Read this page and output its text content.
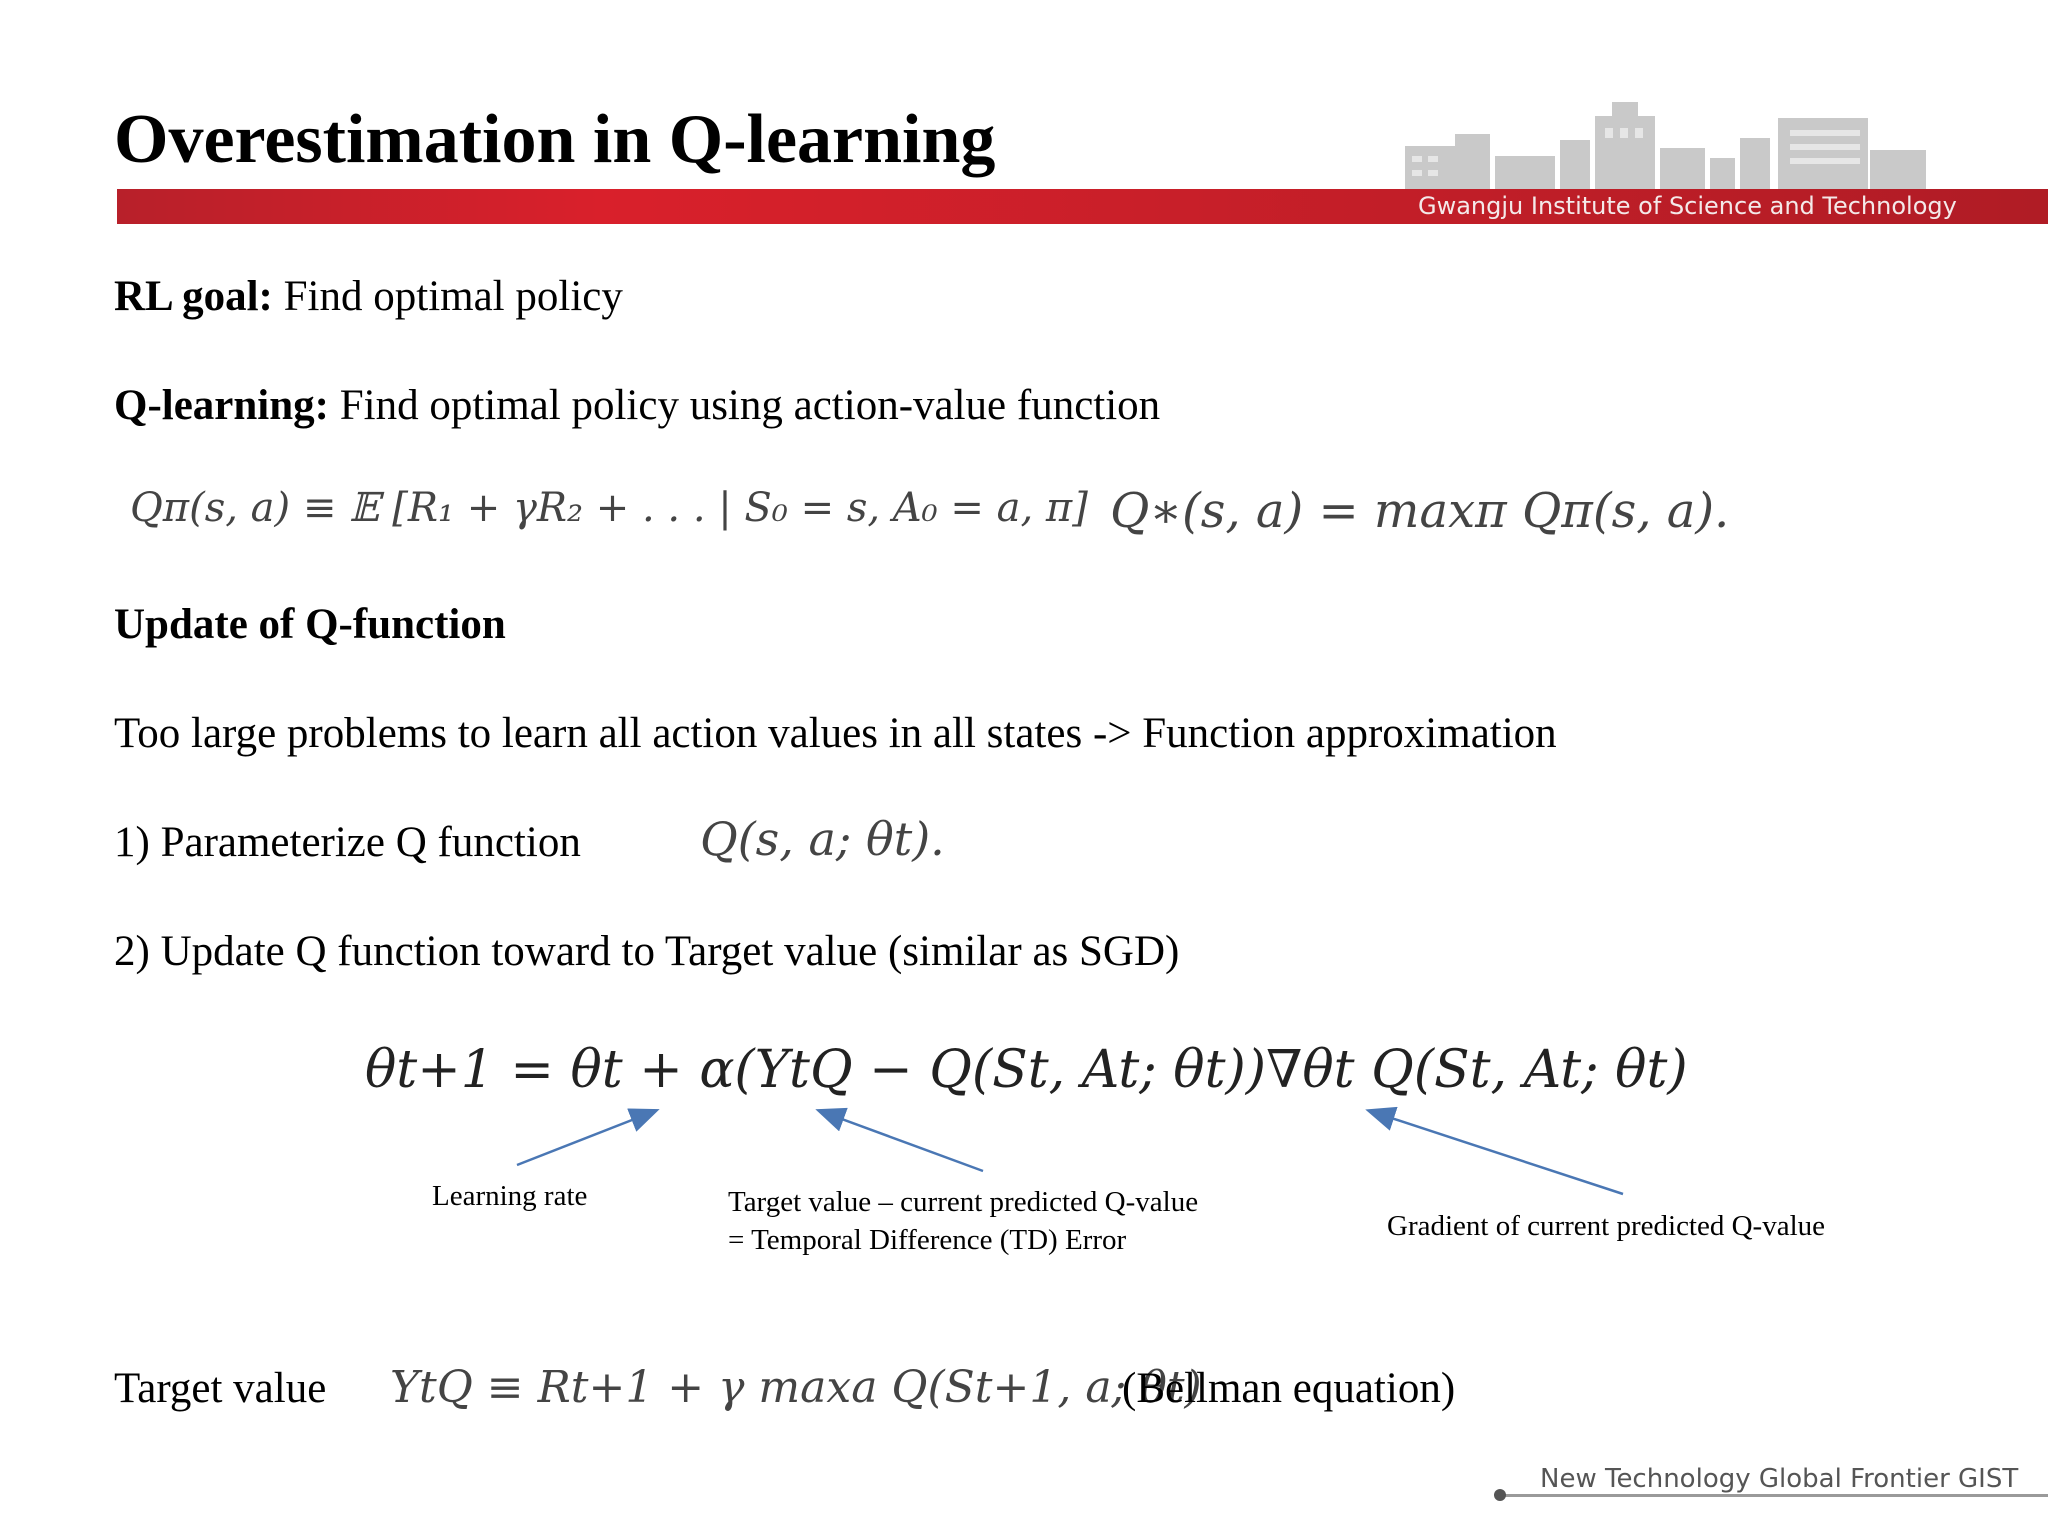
Overestimation in Q-learning
Gwangju Institute of Science and Technology
RL goal: Find optimal policy
Q-learning: Find optimal policy using action-value function
Qπ(s, a) ≡ 𝔼 [R₁ + γR₂ + . . . | S₀ = s, A₀ = a, π] Q∗(s, a) = maxπ Qπ(s, a).
Update of Q-function
Too large problems to learn all action values in all states -> Function approximation
1) Parameterize Q function	Q(s, a; θt).
2) Update Q function toward to Target value (similar as SGD)
θt+1 = θt + α(YtQ − Q(St, At; θt))∇θt Q(St, At; θt)
Learning rate	Target value – current predicted Q-value
= Temporal Difference (TD) Error	Gradient of current predicted Q-value
Target value YtQ ≡ Rt+1 + γ maxa Q(St+1, a; θt)
(Bellman equation)
New Technology Global Frontier GIST
